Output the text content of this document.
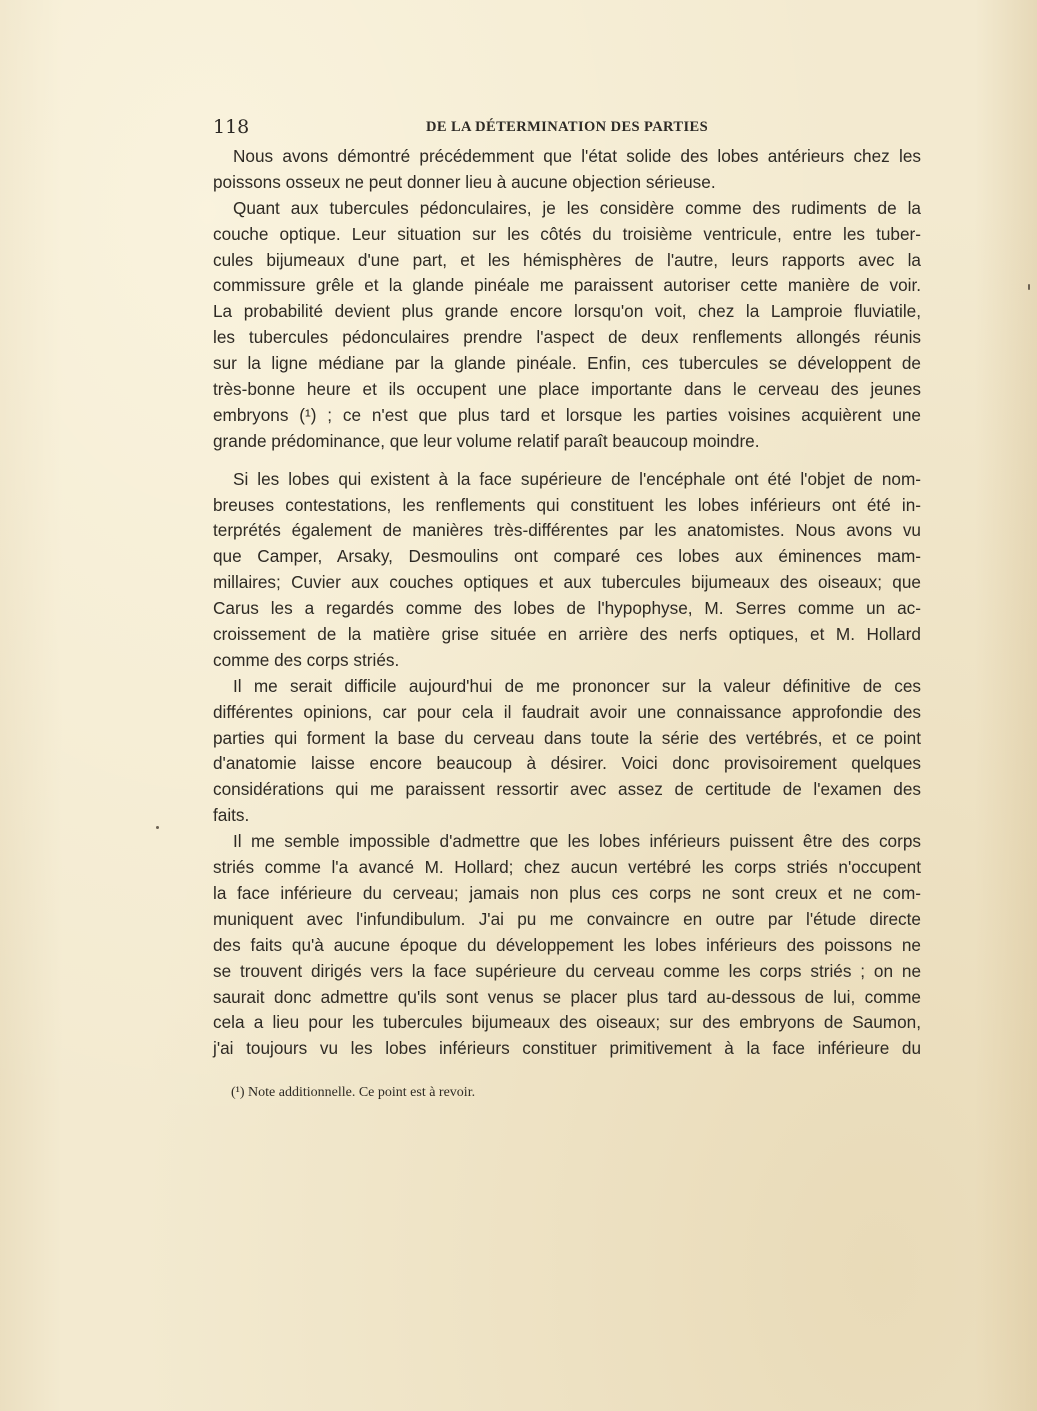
118	DE LA DÉTERMINATION DES PARTIES
Nous avons démontré précédemment que l'état solide des lobes antérieurs chez les
poissons osseux ne peut donner lieu à aucune objection sérieuse.
Quant aux tubercules pédonculaires, je les considère comme des rudiments de la
couche optique. Leur situation sur les côtés du troisième ventricule, entre les tuber-
cules bijumeaux d'une part, et les hémisphères de l'autre, leurs rapports avec la
commissure grêle et la glande pinéale me paraissent autoriser cette manière de voir.
La probabilité devient plus grande encore lorsqu'on voit, chez la Lamproie fluviatile,
les tubercules pédonculaires prendre l'aspect de deux renflements allongés réunis
sur la ligne médiane par la glande pinéale. Enfin, ces tubercules se développent de
très-bonne heure et ils occupent une place importante dans le cerveau des jeunes
embryons (¹) ; ce n'est que plus tard et lorsque les parties voisines acquièrent une
grande prédominance, que leur volume relatif paraît beaucoup moindre.
Si les lobes qui existent à la face supérieure de l'encéphale ont été l'objet de nom-
breuses contestations, les renflements qui constituent les lobes inférieurs ont été in-
terprétés également de manières très-différentes par les anatomistes. Nous avons vu
que Camper, Arsaky, Desmoulins ont comparé ces lobes aux éminences mam-
millaires; Cuvier aux couches optiques et aux tubercules bijumeaux des oiseaux; que
Carus les a regardés comme des lobes de l'hypophyse, M. Serres comme un ac-
croissement de la matière grise située en arrière des nerfs optiques, et M. Hollard
comme des corps striés.
Il me serait difficile aujourd'hui de me prononcer sur la valeur définitive de ces
différentes opinions, car pour cela il faudrait avoir une connaissance approfondie des
parties qui forment la base du cerveau dans toute la série des vertébrés, et ce point
d'anatomie laisse encore beaucoup à désirer. Voici donc provisoirement quelques
considérations qui me paraissent ressortir avec assez de certitude de l'examen des
faits.
Il me semble impossible d'admettre que les lobes inférieurs puissent être des corps
striés comme l'a avancé M. Hollard; chez aucun vertébré les corps striés n'occupent
la face inférieure du cerveau; jamais non plus ces corps ne sont creux et ne com-
muniquent avec l'infundibulum. J'ai pu me convaincre en outre par l'étude directe
des faits qu'à aucune époque du développement les lobes inférieurs des poissons ne
se trouvent dirigés vers la face supérieure du cerveau comme les corps striés ; on ne
saurait donc admettre qu'ils sont venus se placer plus tard au-dessous de lui, comme
cela a lieu pour les tubercules bijumeaux des oiseaux; sur des embryons de Saumon,
j'ai toujours vu les lobes inférieurs constituer primitivement à la face inférieure du
(¹) Note additionnelle. Ce point est à revoir.
